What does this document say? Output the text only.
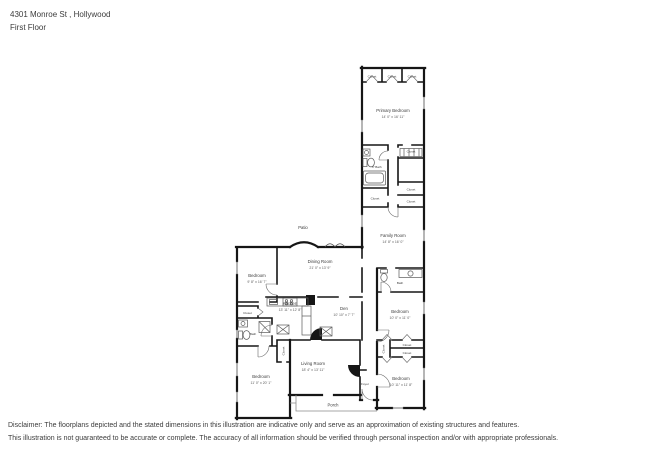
4301 Monroe St , Hollywood
First Floor
Patio
Closet	Closet	Closet
Primary Bedroom
14' 0" x 16' 11"
P Bath
Closet
Closet
Closet
Closet
Family Room
14' 8" x 16' 0"
Bedroom
9' 8" x 16' 7"
Dining Room
21' 0" x 13' 9"
Kitchen
13' 11" x 12' 8"	Den
10' 10" x 7' 7"
Bath
Bedroom
10' 0" x 11' 0"
Closet	Closet
Closet
Bedroom
10' 11" x 11' 8"
Closet
Bath
Closet
Bedroom
11' 0" x 20' 1"
Living Room
18' 4" x 13' 11"
Foyer
Porch
Disclaimer: The floorplans depicted and the stated dimensions in this illustration are indicative only and serve as an approximation of existing structures and features.
This illustration is not guaranteed to be accurate or complete. The accuracy of all information should be verified through personal inspection and/or with appropriate professionals.
